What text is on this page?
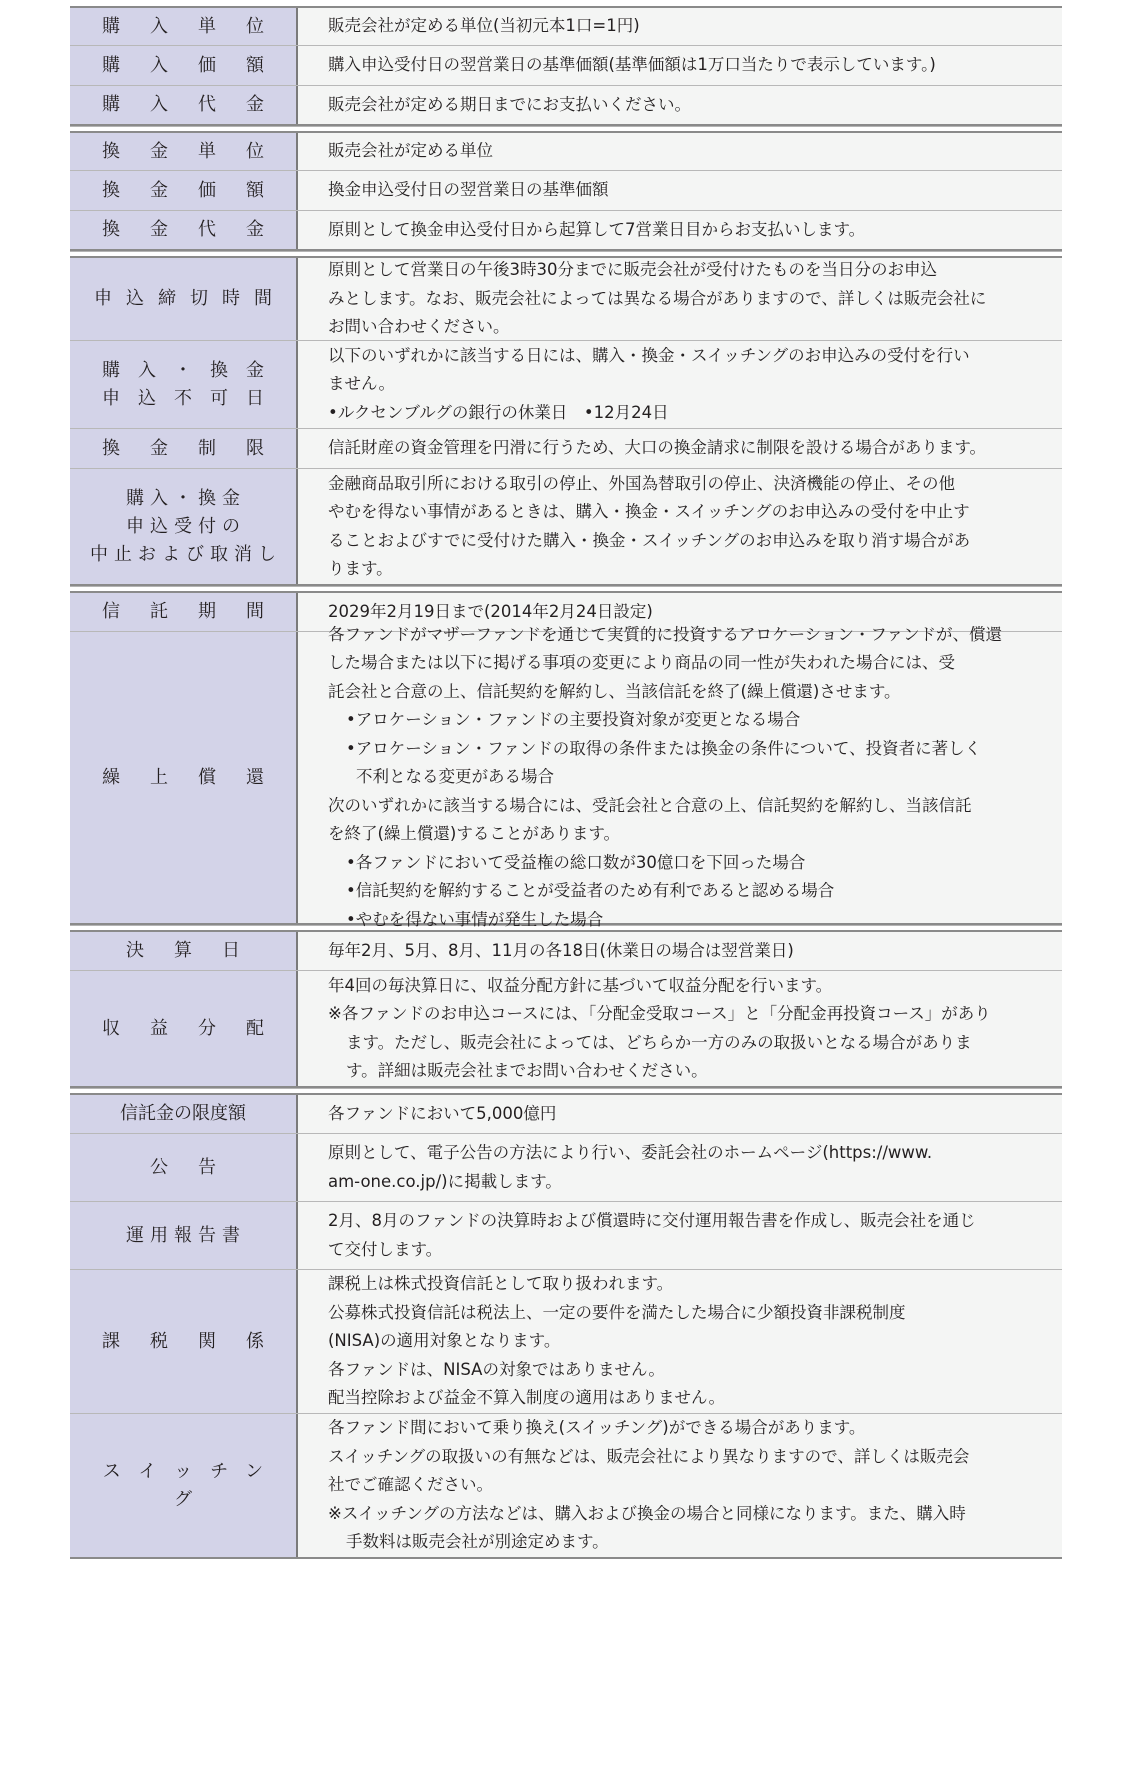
購入単位 販売会社が定める単位(当初元本1口=1円)
購入価額 購入申込受付日の翌営業日の基準価額(基準価額は1万口当たりで表示しています。)
購入代金 販売会社が定める期日までにお支払いください。
換金単位 販売会社が定める単位
換金価額 換金申込受付日の翌営業日の基準価額
換金代金 原則として換金申込受付日から起算して7営業日目からお支払いします。
申込締切時間
原則として営業日の午後3時30分までに販売会社が受付けたものを当日分のお申込
みとします。なお、販売会社によっては異なる場合がありますので、詳しくは販売会社に
お問い合わせください。
購入・換金
申込不可日
以下のいずれかに該当する日には、購入・換金・スイッチングのお申込みの受付を行い
ません。
•ルクセンブルグの銀行の休業日　•12月24日
換金制限 信託財産の資金管理を円滑に行うため、大口の換金請求に制限を設ける場合があります。
購入・換金
申込受付の
中止および取消し
金融商品取引所における取引の停止、外国為替取引の停止、決済機能の停止、その他
やむを得ない事情があるときは、購入・換金・スイッチングのお申込みの受付を中止す
ることおよびすでに受付けた購入・換金・スイッチングのお申込みを取り消す場合があ
ります。
信託期間 2029年2月19日まで(2014年2月24日設定)
繰上償還
各ファンドがマザーファンドを通じて実質的に投資するアロケーション・ファンドが、償還
した場合または以下に掲げる事項の変更により商品の同一性が失われた場合には、受
託会社と合意の上、信託契約を解約し、当該信託を終了(繰上償還)させます。
•アロケーション・ファンドの主要投資対象が変更となる場合
•アロケーション・ファンドの取得の条件または換金の条件について、投資者に著しく
不利となる変更がある場合
次のいずれかに該当する場合には、受託会社と合意の上、信託契約を解約し、当該信託
を終了(繰上償還)することがあります。
•各ファンドにおいて受益権の総口数が30億口を下回った場合
•信託契約を解約することが受益者のため有利であると認める場合
•やむを得ない事情が発生した場合
決算日	毎年2月、5月、8月、11月の各18日(休業日の場合は翌営業日)
収益分配
年4回の毎決算日に、収益分配方針に基づいて収益分配を行います。
※各ファンドのお申込コースには、「分配金受取コース」と「分配金再投資コース」があり
ます。ただし、販売会社によっては、どちらか一方のみの取扱いとなる場合がありま
す。詳細は販売会社までお問い合わせください。
信託金の限度額	各ファンドにおいて5,000億円
公告
原則として、電子公告の方法により行い、委託会社のホームページ(https://www.
am-one.co.jp/)に掲載します。
運用報告書
2月、8月のファンドの決算時および償還時に交付運用報告書を作成し、販売会社を通じ
て交付します。
課税関係
課税上は株式投資信託として取り扱われます。
公募株式投資信託は税法上、一定の要件を満たした場合に少額投資非課税制度
(NISA)の適用対象となります。
各ファンドは、NISAの対象ではありません。
配当控除および益金不算入制度の適用はありません。
スイッチング
各ファンド間において乗り換え(スイッチング)ができる場合があります。
スイッチングの取扱いの有無などは、販売会社により異なりますので、詳しくは販売会
社でご確認ください。
※スイッチングの方法などは、購入および換金の場合と同様になります。また、購入時
手数料は販売会社が別途定めます。
